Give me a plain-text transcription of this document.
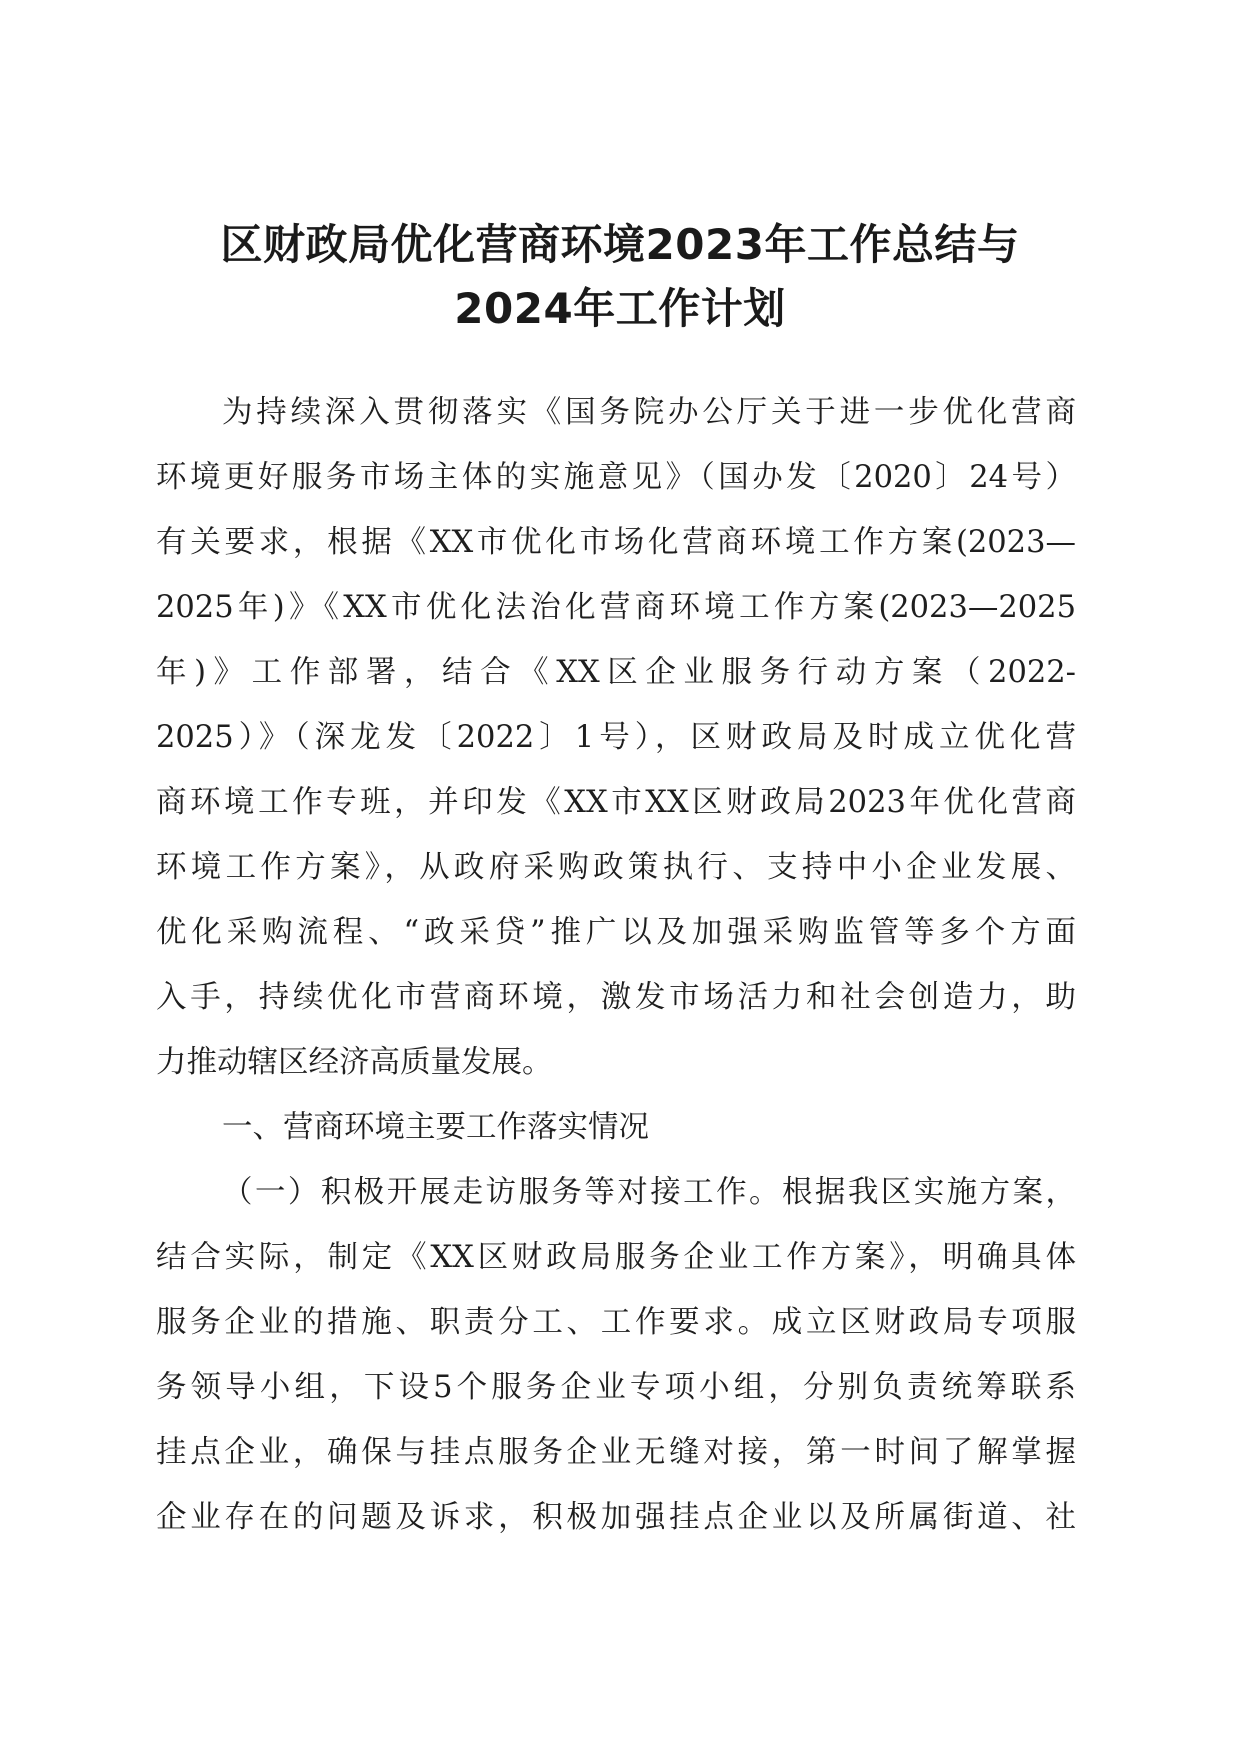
区财政局优化营商环境2023年工作总结与
2024年工作计划
为持续深入贯彻落实《国务院办公厅关于进一步优化营商
环境更好服务市场主体的实施意见》（国办发〔2020〕24号）
有关要求，根据《XX市优化市场化营商环境工作方案(2023—
2025年)》《XX市优化法治化营商环境工作方案(2023—2025
年)》工作部署，结合《XX区企业服务行动方案（2022-
2025）》（深龙发〔2022〕1号），区财政局及时成立优化营
商环境工作专班，并印发《XX市XX区财政局2023年优化营商
环境工作方案》，从政府采购政策执行、支持中小企业发展、
优化采购流程、“政采贷”推广以及加强采购监管等多个方面
入手，持续优化市营商环境，激发市场活力和社会创造力，助
力推动辖区经济高质量发展。
一、营商环境主要工作落实情况
（一）积极开展走访服务等对接工作。根据我区实施方案，
结合实际，制定《XX区财政局服务企业工作方案》，明确具体
服务企业的措施、职责分工、工作要求。成立区财政局专项服
务领导小组，下设5个服务企业专项小组，分别负责统筹联系
挂点企业，确保与挂点服务企业无缝对接，第一时间了解掌握
企业存在的问题及诉求，积极加强挂点企业以及所属街道、社
